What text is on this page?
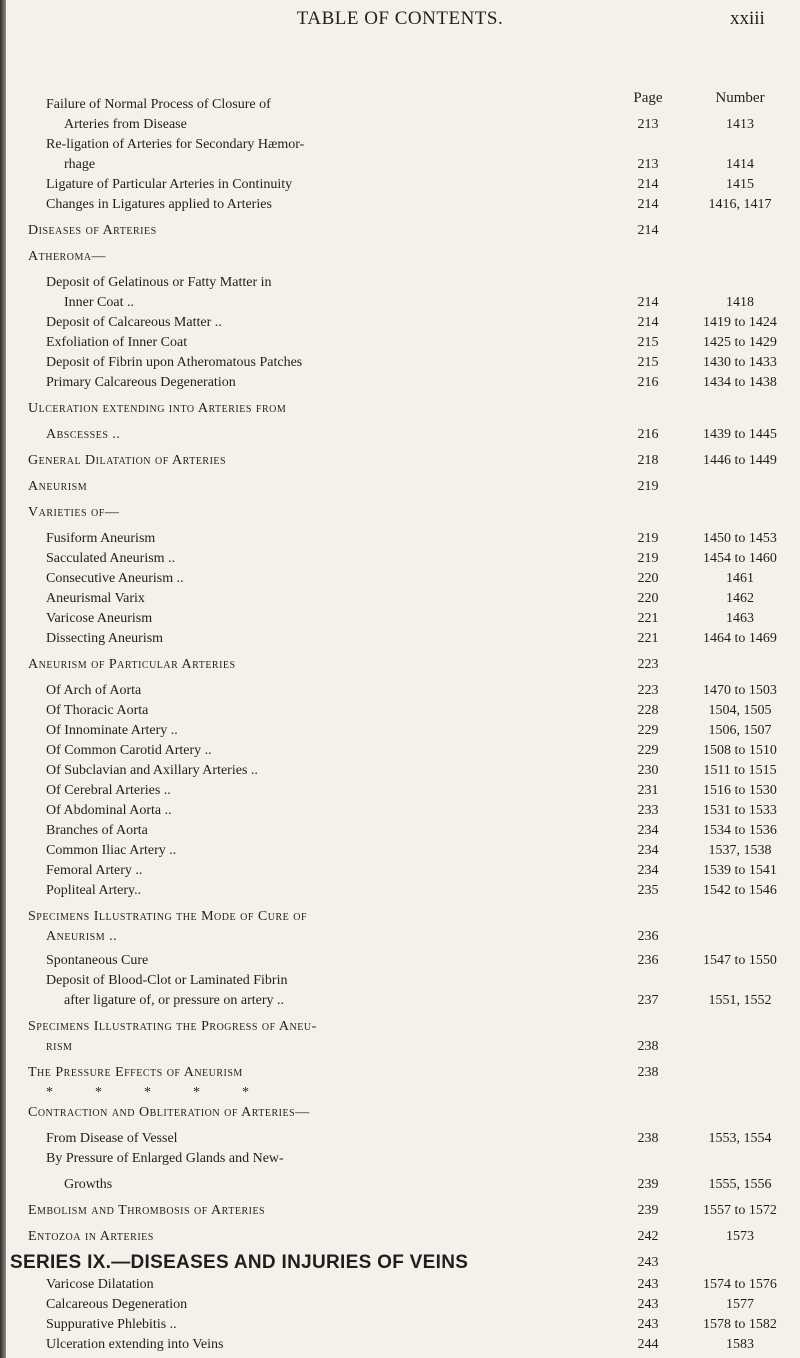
TABLE OF CONTENTS.	xxiii
Page	Number
Failure of Normal Process of Closure of
Arteries from Disease	213	1413
Re-ligation of Arteries for Secondary Hæmor-
rhage	213	1414
Ligature of Particular Arteries in Continuity	214	1415
Changes in Ligatures applied to Arteries	214	1416, 1417
Diseases of Arteries	214
Atheroma—
Deposit of Gelatinous or Fatty Matter in
Inner Coat ..	214	1418
Deposit of Calcareous Matter ..	214	1419 to 1424
Exfoliation of Inner Coat	215	1425 to 1429
Deposit of Fibrin upon Atheromatous Patches	215	1430 to 1433
Primary Calcareous Degeneration	216	1434 to 1438
Ulceration extending into Arteries from
Abscesses ..	216	1439 to 1445
General Dilatation of Arteries	218	1446 to 1449
Aneurism	219
Varieties of—
Fusiform Aneurism	219	1450 to 1453
Sacculated Aneurism ..	219	1454 to 1460
Consecutive Aneurism ..	220	1461
Aneurismal Varix	220	1462
Varicose Aneurism	221	1463
Dissecting Aneurism	221	1464 to 1469
Aneurism of Particular Arteries	223
Of Arch of Aorta	223	1470 to 1503
Of Thoracic Aorta	228	1504, 1505
Of Innominate Artery ..	229	1506, 1507
Of Common Carotid Artery ..	229	1508 to 1510
Of Subclavian and Axillary Arteries ..	230	1511 to 1515
Of Cerebral Arteries ..	231	1516 to 1530
Of Abdominal Aorta ..	233	1531 to 1533
Branches of Aorta	234	1534 to 1536
Common Iliac Artery ..	234	1537, 1538
Femoral Artery ..	234	1539 to 1541
Popliteal Artery..	235	1542 to 1546
Specimens Illustrating the Mode of Cure of
Aneurism ..	236
Spontaneous Cure	236	1547 to 1550
Deposit of Blood-Clot or Laminated Fibrin
after ligature of, or pressure on artery ..	237	1551, 1552
Specimens Illustrating the Progress of Aneu-
rism	238
The Pressure Effects of Aneurism	238
*****
Contraction and Obliteration of Arteries—
From Disease of Vessel	238	1553, 1554
By Pressure of Enlarged Glands and New-
Growths	239	1555, 1556
Embolism and Thrombosis of Arteries	239	1557 to 1572
Entozoa in Arteries	242	1573
SERIES IX.—DISEASES AND INJURIES OF VEINS	243
Varicose Dilatation	243	1574 to 1576
Calcareous Degeneration	243	1577
Suppurative Phlebitis ..	243	1578 to 1582
Ulceration extending into Veins	244	1583
